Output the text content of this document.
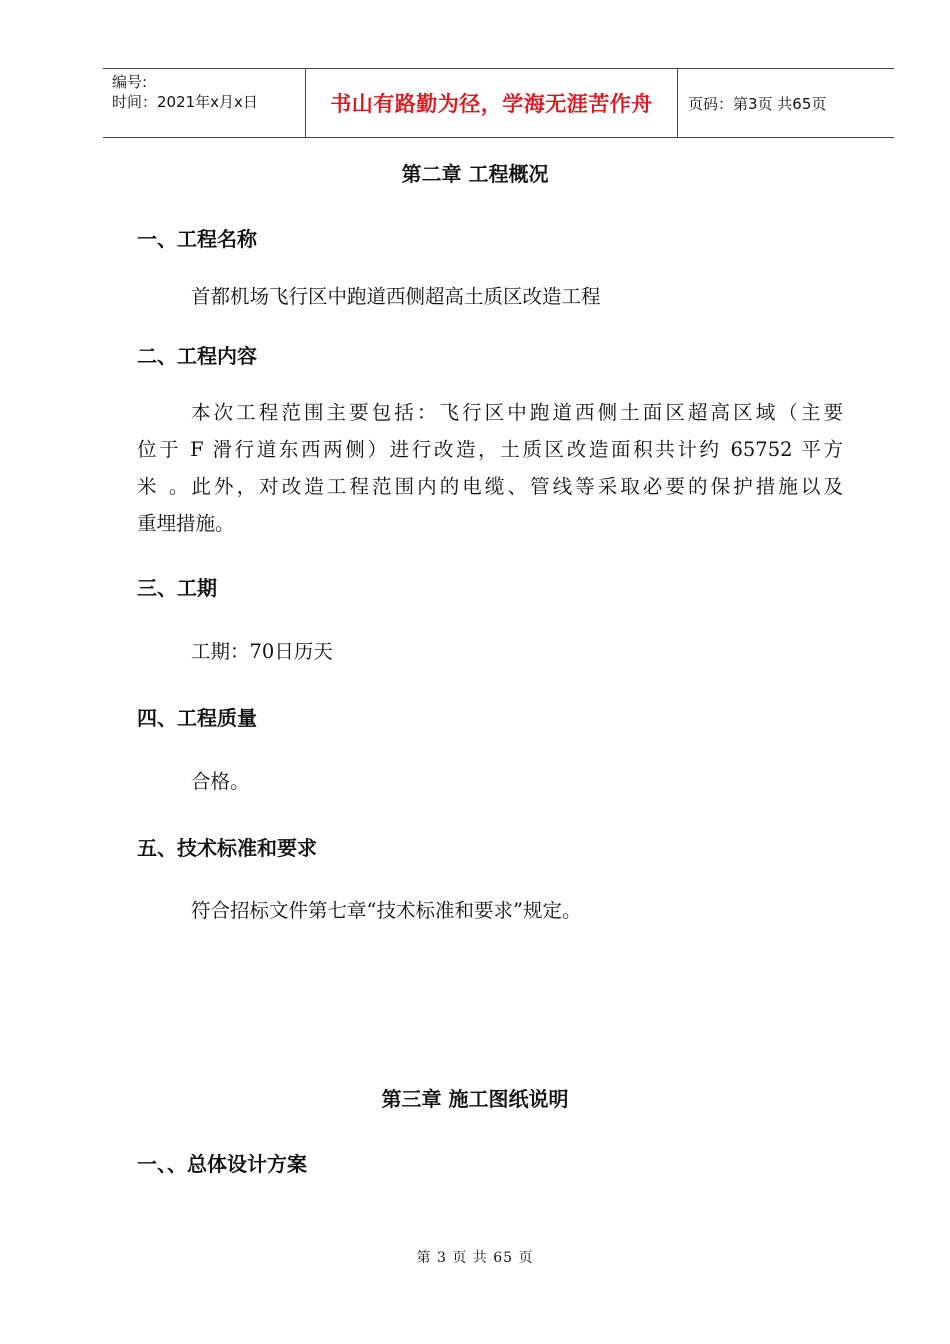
编号:
时间：2021年x月x日	书山有路勤为径，学海无涯苦作舟	页码：第3页 共65页
第二章 工程概况
一、工程名称
首都机场飞行区中跑道西侧超高土质区改造工程
二、工程内容
本次工程范围主要包括：飞行区中跑道西侧土面区超高区域（主要
位于 F 滑行道东西两侧）进行改造，土质区改造面积共计约 65752 平方
米 。此外，对改造工程范围内的电缆、管线等采取必要的保护措施以及
重埋措施。
三、工期
工期：70日历天
四、工程质量
合格。
五、技术标准和要求
符合招标文件第七章“技术标准和要求”规定。
第三章 施工图纸说明
一、、总体设计方案
第 3 页 共 65 页
